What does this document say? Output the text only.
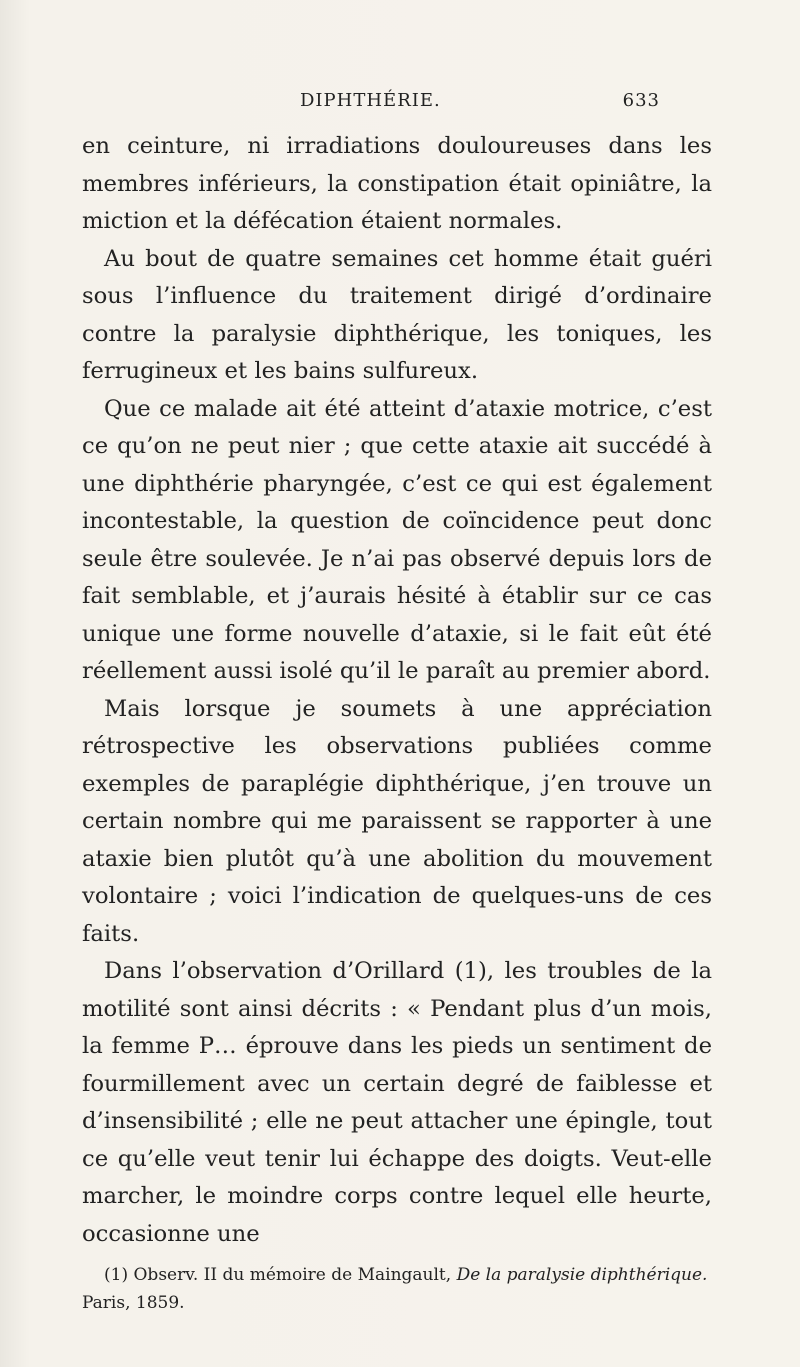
DIPHTHÉRIE.	633

en ceinture, ni irradiations douloureuses dans les membres inférieurs, la constipation était opiniâtre, la miction et la défécation étaient normales.

Au bout de quatre semaines cet homme était guéri sous l’influence du traitement dirigé d’ordinaire contre la paralysie diphthérique, les toniques, les ferrugineux et les bains sulfureux.

Que ce malade ait été atteint d’ataxie motrice, c’est ce qu’on ne peut nier ; que cette ataxie ait succédé à une diphthérie pharyngée, c’est ce qui est également incontestable, la question de coïncidence peut donc seule être soulevée. Je n’ai pas observé depuis lors de fait semblable, et j’aurais hésité à établir sur ce cas unique une forme nouvelle d’ataxie, si le fait eût été réellement aussi isolé qu’il le paraît au premier abord.

Mais lorsque je soumets à une appréciation rétrospective les observations publiées comme exemples de paraplégie diphthérique, j’en trouve un certain nombre qui me paraissent se rapporter à une ataxie bien plutôt qu’à une abolition du mouvement volontaire ; voici l’indication de quelques-uns de ces faits.

Dans l’observation d’Orillard (1), les troubles de la motilité sont ainsi décrits : « Pendant plus d’un mois, la femme P… éprouve dans les pieds un sentiment de fourmillement avec un certain degré de faiblesse et d’insensibilité ; elle ne peut attacher une épingle, tout ce qu’elle veut tenir lui échappe des doigts. Veut-elle marcher, le moindre corps contre lequel elle heurte, occasionne une

(1) Observ. II du mémoire de Maingault, De la paralysie diphthérique. Paris, 1859.
